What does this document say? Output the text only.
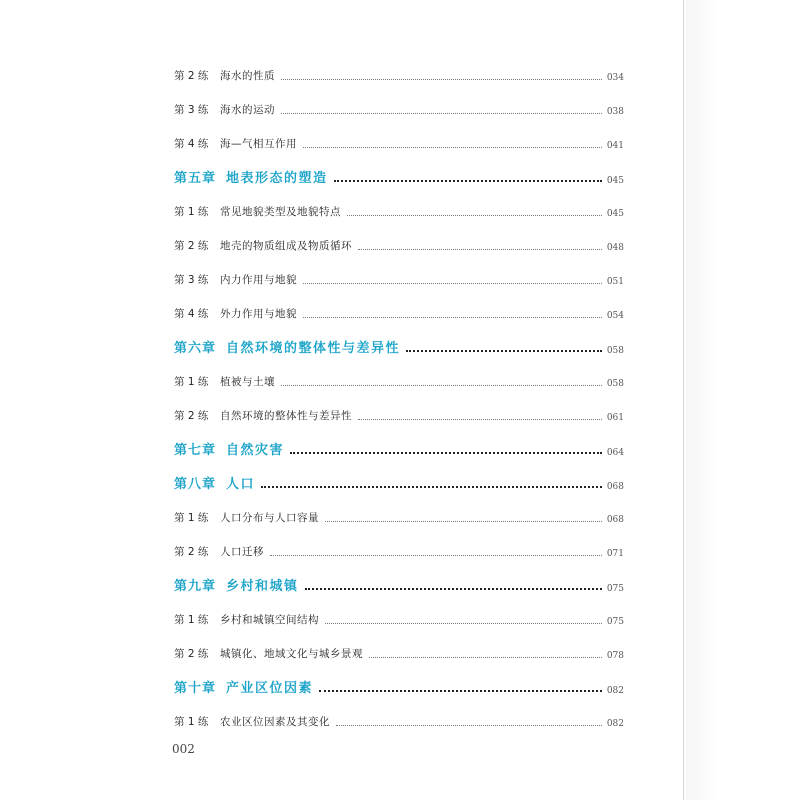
第 2 练	海水的性质	034
第 3 练	海水的运动	038
第 4 练	海—气相互作用	041
第五章 地表形态的塑造	045
第 1 练	常见地貌类型及地貌特点	045
第 2 练	地壳的物质组成及物质循环	048
第 3 练	内力作用与地貌	051
第 4 练	外力作用与地貌	054
第六章 自然环境的整体性与差异性	058
第 1 练	植被与土壤	058
第 2 练	自然环境的整体性与差异性	061
第七章 自然灾害	064
第八章 人口	068
第 1 练	人口分布与人口容量	068
第 2 练	人口迁移	071
第九章 乡村和城镇	075
第 1 练	乡村和城镇空间结构	075
第 2 练	城镇化、地域文化与城乡景观	078
第十章 产业区位因素	082
第 1 练	农业区位因素及其变化	082
002
